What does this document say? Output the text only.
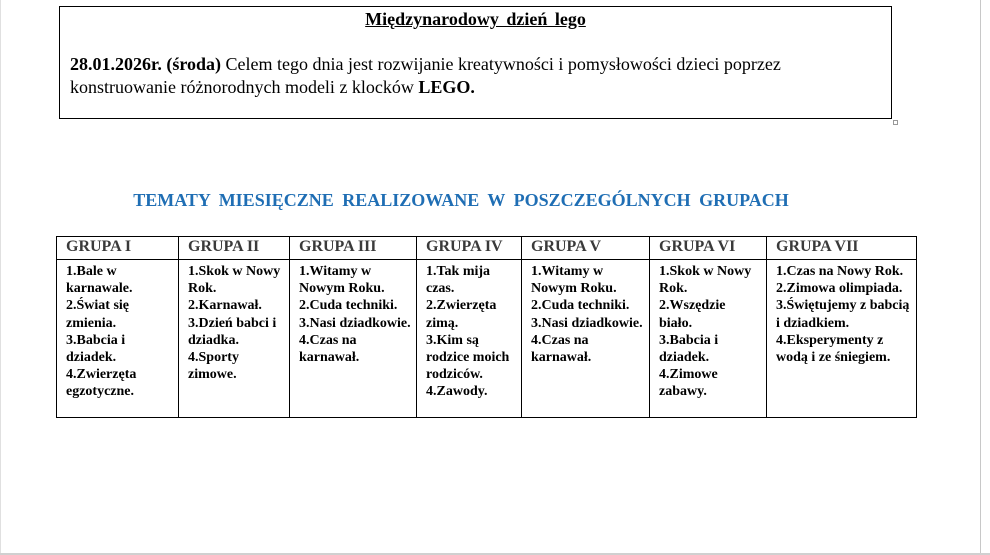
Międzynarodowy dzień lego
28.01.2026r. (środa) Celem tego dnia jest rozwijanie kreatywności i pomysłowości dzieci poprzez konstruowanie różnorodnych modeli z klocków LEGO.
TEMATY MIESIĘCZNE REALIZOWANE W POSZCZEGÓLNYCH GRUPACH
GRUPA I	GRUPA II	GRUPA III	GRUPA IV	GRUPA V	GRUPA VI	GRUPA VII

1.Bale w karnawale.
2.Świat się zmienia.
3.Babcia i dziadek.
4.Zwierzęta egzotyczne.	1.Skok w Nowy Rok.
2.Karnawał.
3.Dzień babci i dziadka.
4.Sporty zimowe.	1.Witamy w Nowym Roku.
2.Cuda techniki.
3.Nasi dziadkowie.
4.Czas na karnawał.	1.Tak mija czas.
2.Zwierzęta zimą.
3.Kim są rodzice moich rodziców.
4.Zawody.	1.Witamy w Nowym Roku.
2.Cuda techniki.
3.Nasi dziadkowie.
4.Czas na karnawał.	1.Skok w Nowy Rok.
2.Wszędzie biało.
3.Babcia i dziadek.
4.Zimowe zabawy.	1.Czas na Nowy Rok.
2.Zimowa olimpiada.
3.Świętujemy z babcią i dziadkiem.
4.Eksperymenty z wodą i ze śniegiem.
